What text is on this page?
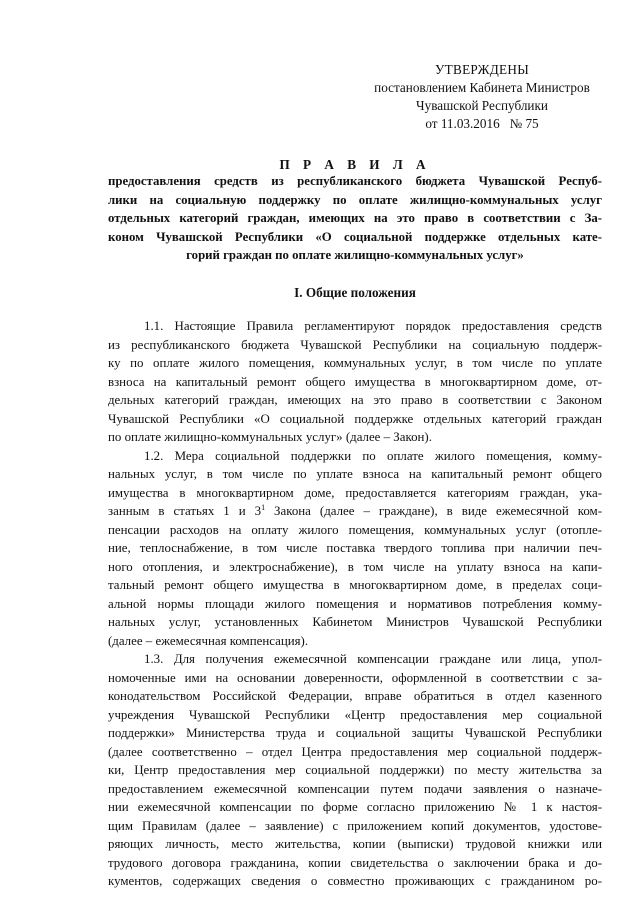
УТВЕРЖДЕНЫ
постановлением Кабинета Министров
Чувашской Республики
от 11.03.2016   № 75
П Р А В И Л А
предоставления средств из республиканского бюджета Чувашской Респуб-
лики на социальную поддержку по оплате жилищно-коммунальных услуг
отдельных категорий граждан, имеющих на это право в соответствии с За-
коном Чувашской Республики «О социальной поддержке отдельных кате-
горий граждан по оплате жилищно-коммунальных услуг»
I. Общие положения
1.1. Настоящие Правила регламентируют порядок предоставления средств
из республиканского бюджета Чувашской Республики на социальную поддерж-
ку по оплате жилого помещения, коммунальных услуг, в том числе по уплате
взноса на капитальный ремонт общего имущества в многоквартирном доме, от-
дельных категорий граждан, имеющих на это право в соответствии с Законом
Чувашской Республики «О социальной поддержке отдельных категорий граждан
по оплате жилищно-коммунальных услуг» (далее – Закон).
1.2. Мера социальной поддержки по оплате жилого помещения, комму-
нальных услуг, в том числе по уплате взноса на капитальный ремонт общего
имущества в многоквартирном доме, предоставляется категориям граждан, ука-
занным в статьях 1 и $3^1$ Закона (далее – граждане), в виде ежемесячной ком-
пенсации расходов на оплату жилого помещения, коммунальных услуг (отопле-
ние, теплоснабжение, в том числе поставка твердого топлива при наличии печ-
ного отопления, и электроснабжение), в том числе на уплату взноса на капи-
тальный ремонт общего имущества в многоквартирном доме, в пределах соци-
альной нормы площади жилого помещения и нормативов потребления комму-
нальных услуг, установленных Кабинетом Министров Чувашской Республики
(далее – ежемесячная компенсация).
1.3. Для получения ежемесячной компенсации граждане или лица, упол-
номоченные ими на основании доверенности, оформленной в соответствии с за-
конодательством Российской Федерации, вправе обратиться в отдел казенного
учреждения Чувашской Республики «Центр предоставления мер социальной
поддержки» Министерства труда и социальной защиты Чувашской Республики
(далее соответственно – отдел Центра предоставления мер социальной поддерж-
ки, Центр предоставления мер социальной поддержки) по месту жительства за
предоставлением ежемесячной компенсации путем подачи заявления о назначе-
нии ежемесячной компенсации по форме согласно приложению № 1 к настоя-
щим Правилам (далее – заявление) с приложением копий документов, удостове-
ряющих личность, место жительства, копии (выписки) трудовой книжки или
трудового договора гражданина, копии свидетельства о заключении брака и до-
кументов, содержащих сведения о совместно проживающих с гражданином ро-
